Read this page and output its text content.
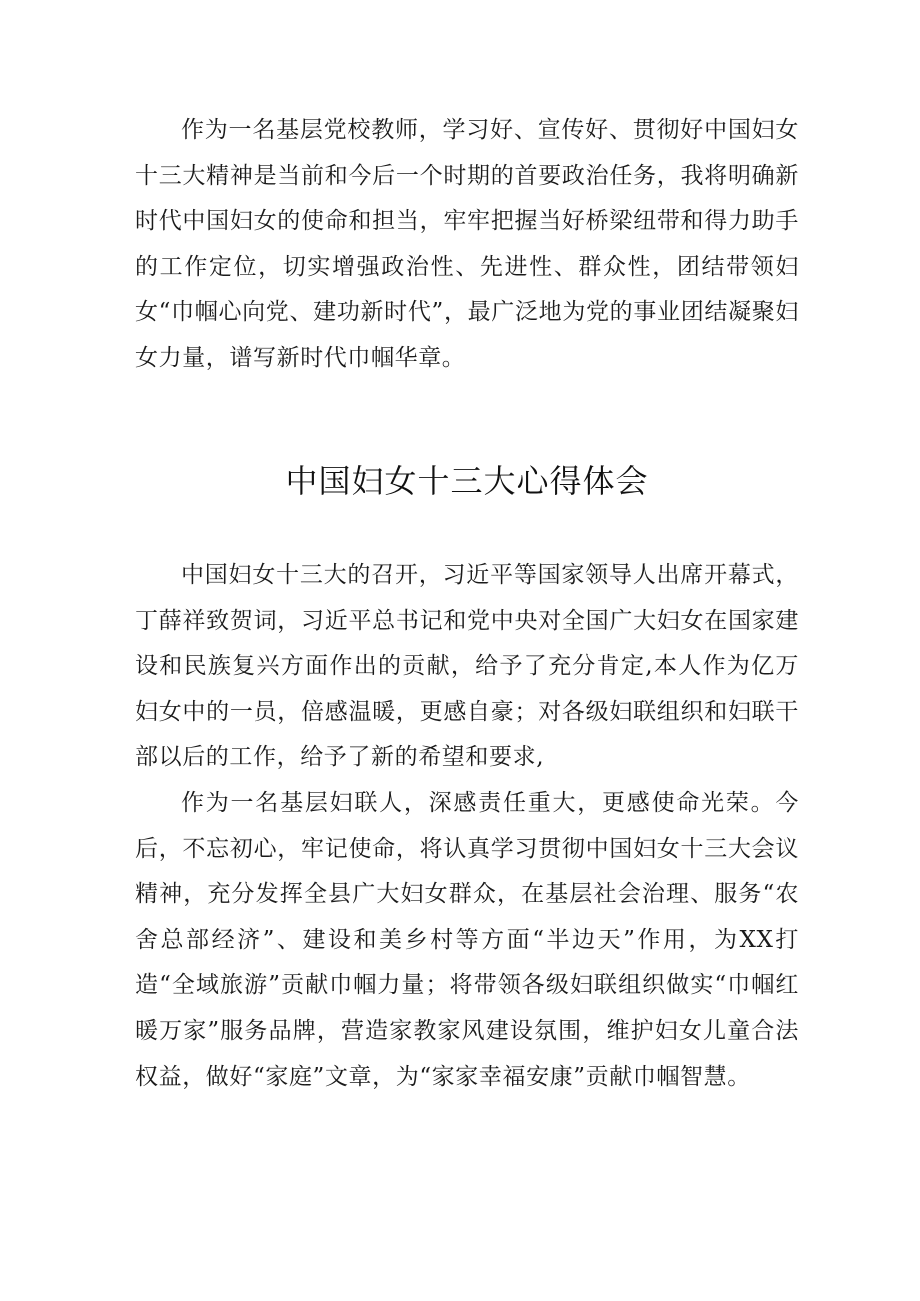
作为一名基层党校教师，学习好、宣传好、贯彻好中国妇女十三大精神是当前和今后一个时期的首要政治任务，我将明确新时代中国妇女的使命和担当，牢牢把握当好桥梁纽带和得力助手的工作定位，切实增强政治性、先进性、群众性，团结带领妇女“巾帼心向党、建功新时代”，最广泛地为党的事业团结凝聚妇女力量，谱写新时代巾帼华章。

中国妇女十三大心得体会

中国妇女十三大的召开，习近平等国家领导人出席开幕式，丁薛祥致贺词，习近平总书记和党中央对全国广大妇女在国家建设和民族复兴方面作出的贡献，给予了充分肯定,本人作为亿万妇女中的一员，倍感温暖，更感自豪；对各级妇联组织和妇联干部以后的工作，给予了新的希望和要求,

作为一名基层妇联人，深感责任重大，更感使命光荣。今后，不忘初心，牢记使命，将认真学习贯彻中国妇女十三大会议精神，充分发挥全县广大妇女群众，在基层社会治理、服务“农舍总部经济”、建设和美乡村等方面“半边天”作用，为XX打造“全域旅游”贡献巾帼力量；将带领各级妇联组织做实“巾帼红暖万家”服务品牌，营造家教家风建设氛围，维护妇女儿童合法权益，做好“家庭”文章，为“家家幸福安康”贡献巾帼智慧。
